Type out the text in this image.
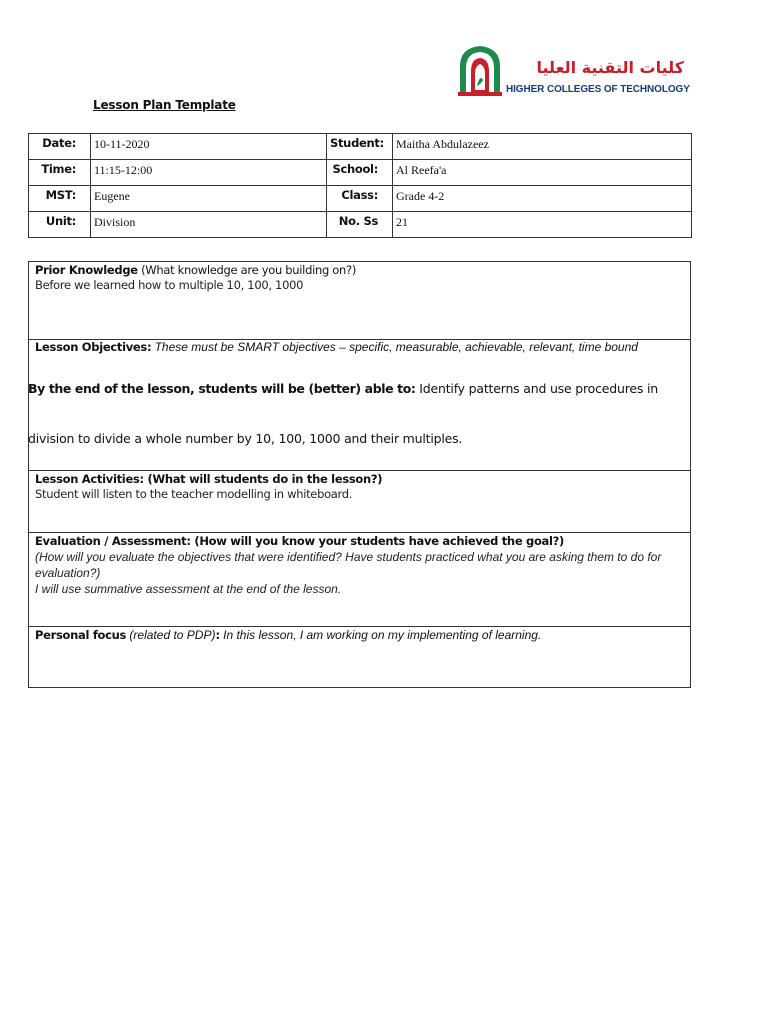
كليات التقنية العليا
HIGHER COLLEGES OF TECHNOLOGY
Lesson Plan Template
Date:	10-11-2020	Student:	Maitha Abdulazeez
Time:	11:15-12:00	School:	Al Reefa'a
MST:	Eugene	Class:	Grade 4-2
Unit:	Division	No. Ss	21
Prior Knowledge (What knowledge are you building on?)
Before we learned how to multiple 10, 100, 1000

Lesson Objectives: These must be SMART objectives – specific, measurable, achievable, relevant, time bound
By the end of the lesson, students will be (better) able to: Identify patterns and use procedures in division to divide a whole number by 10, 100, 1000 and their multiples.

Lesson Activities: (What will students do in the lesson?)
Student will listen to the teacher modelling in whiteboard.

Evaluation / Assessment: (How will you know your students have achieved the goal?)
(How will you evaluate the objectives that were identified? Have students practiced what you are asking them to do for evaluation?)
I will use summative assessment at the end of the lesson.

Personal focus (related to PDP): In this lesson, I am working on my implementing of learning.
